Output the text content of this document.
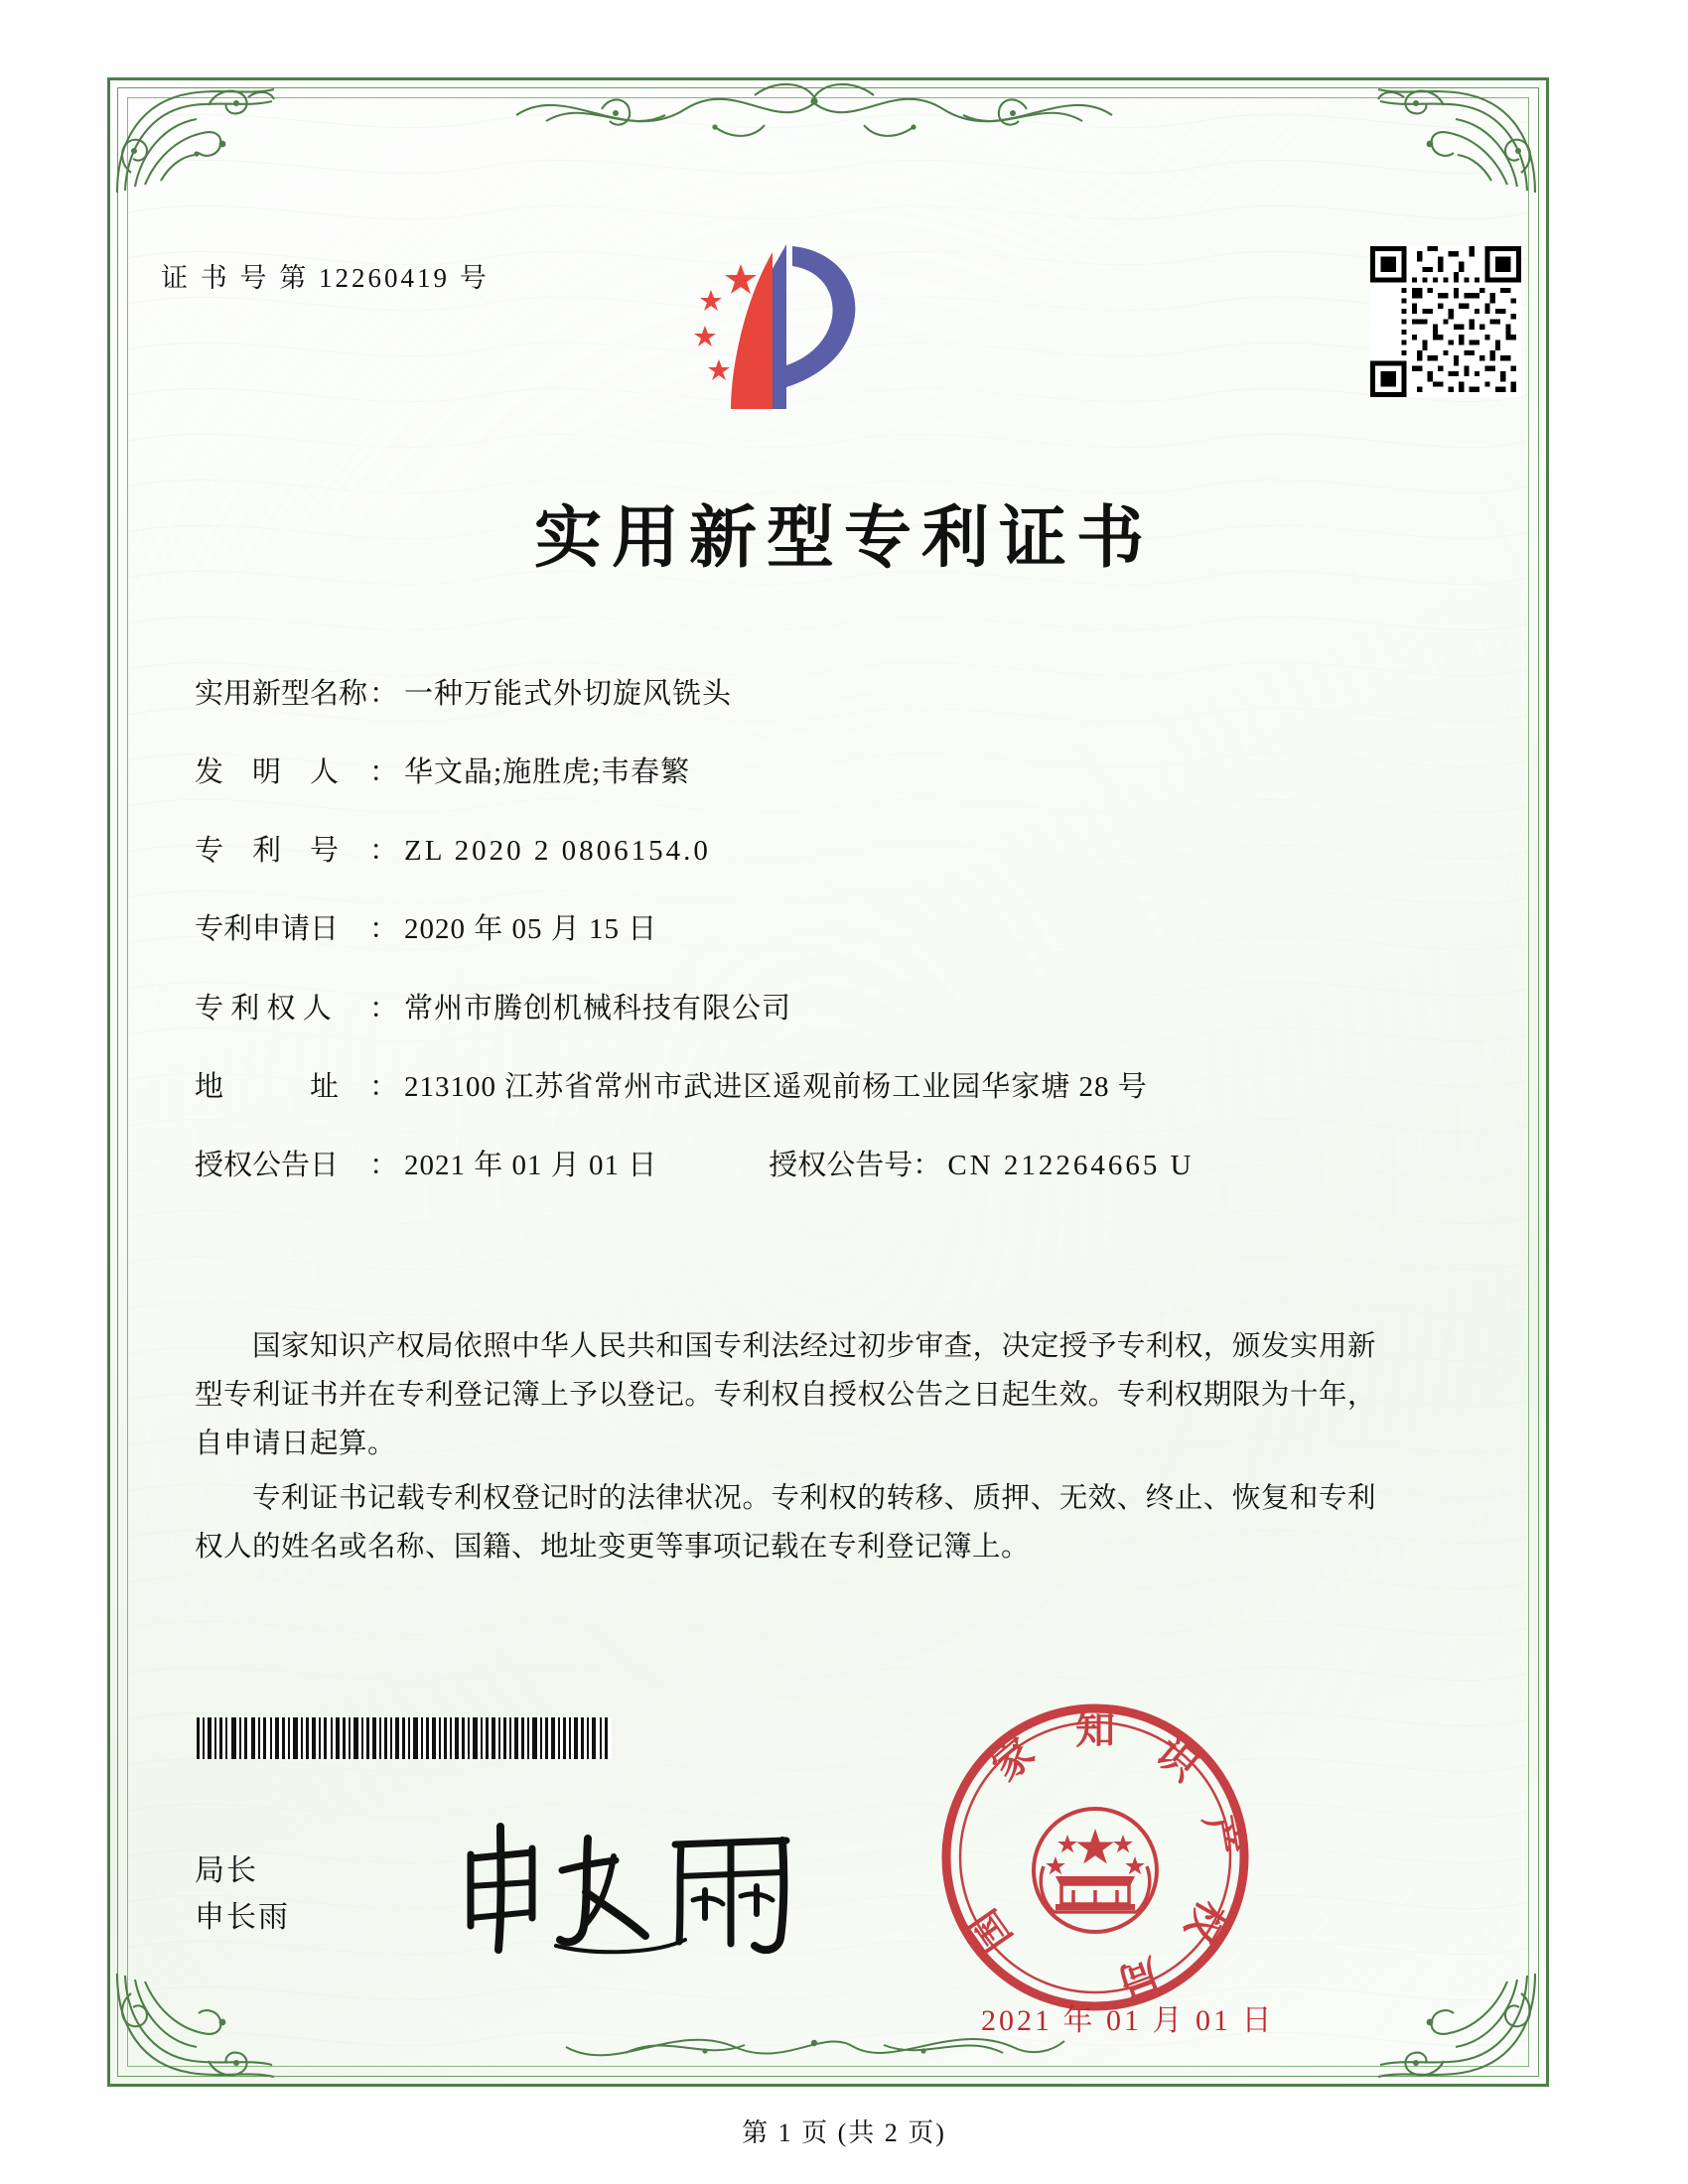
证 书 号 第 12260419 号
实用新型专利证书
实用新型名称 ： 一种万能式外切旋风铣头
发　明　人	： 华文晶;施胜虎;韦春繁
专　利　号	： ZL 2020 2 0806154.0
专利申请日	： 2020 年 05 月 15 日
专 利 权 人	： 常州市腾创机械科技有限公司
地　　　址	： 213100 江苏省常州市武进区遥观前杨工业园华家塘 28 号
授权公告日	： 2021 年 01 月 01 日	授权公告号 ： CN 212264665 U

国家知识产权局依照中华人民共和国专利法经过初步审查，决定授予专利权，颁发实用新型专利证书并在专利登记簿上予以登记。专利权自授权公告之日起生效。专利权期限为十年，自申请日起算。

专利证书记载专利权登记时的法律状况。专利权的转移、质押、无效、终止、恢复和专利权人的姓名或名称、国籍、地址变更等事项记载在专利登记簿上。

局长
申长雨
知 识
产
权
局
国
家
2021 年 01 月 01 日
第 1 页 (共 2 页)
